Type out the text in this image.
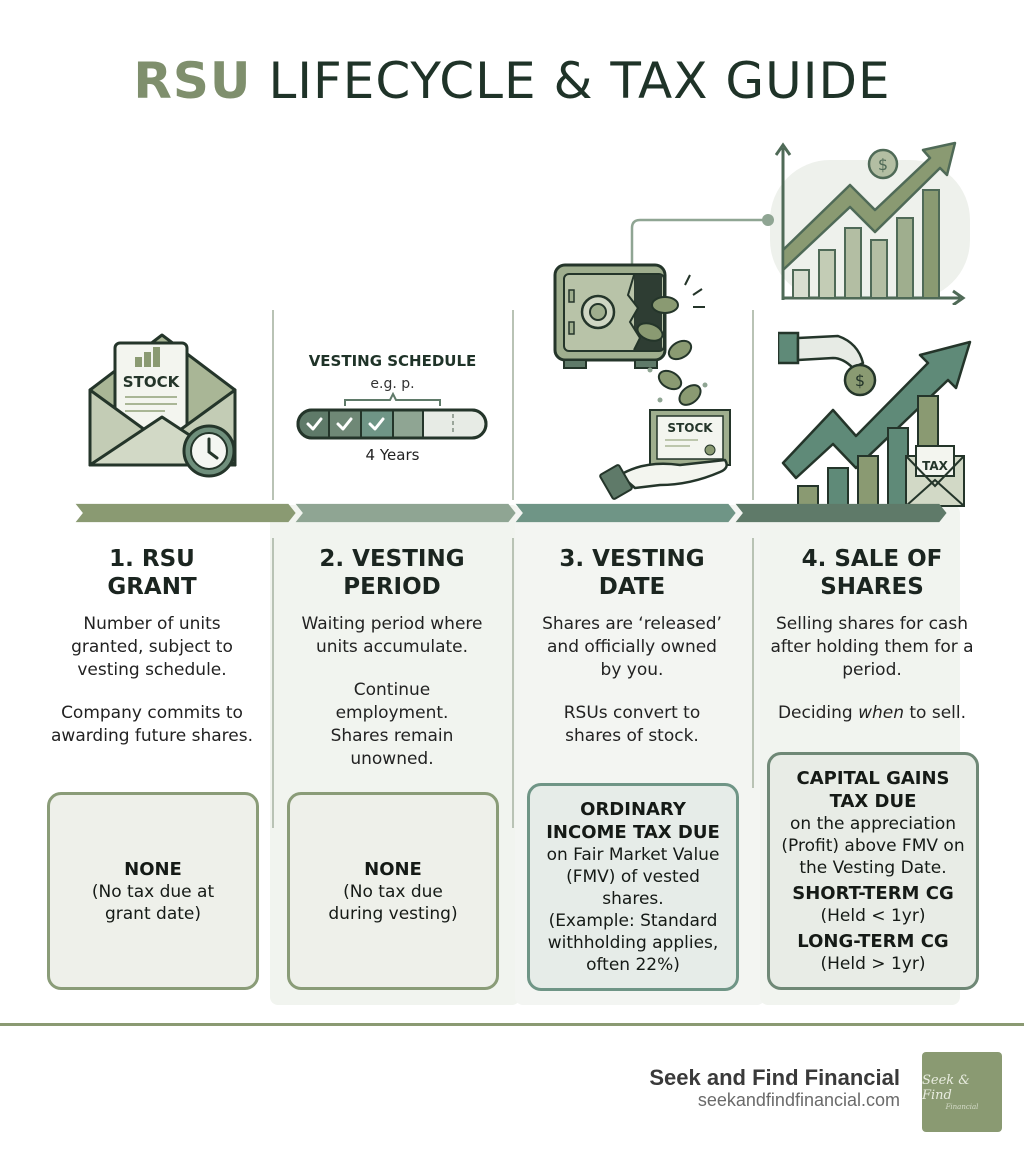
RSU LIFECYCLE & TAX GUIDE
STOCK
VESTING SCHEDULE
e.g. p.
4 Years
STOCK
$
$
TAX
1. RSU
GRANT

Number of units granted, subject to vesting schedule.

Company commits to awarding future shares.

NONE
(No tax due at grant date)
2. VESTING
PERIOD

Waiting period where units accumulate.

Continue employment. Shares remain unowned.

NONE
(No tax due during vesting)
3. VESTING
DATE

Shares are ‘released’ and officially owned by you.

RSUs convert to shares of stock.

ORDINARY INCOME TAX DUE
on Fair Market Value (FMV) of vested shares.
(Example: Standard withholding applies, often 22%)
4. SALE OF
SHARES

Selling shares for cash after holding them for a period.

Deciding when to sell.

CAPITAL GAINS TAX DUE
on the appreciation (Profit) above FMV on the Vesting Date.
SHORT-TERM CG
(Held < 1yr)
LONG-TERM CG
(Held > 1yr)
Seek and Find Financial
seekandfindfinancial.com
Seek & Find
Financial
